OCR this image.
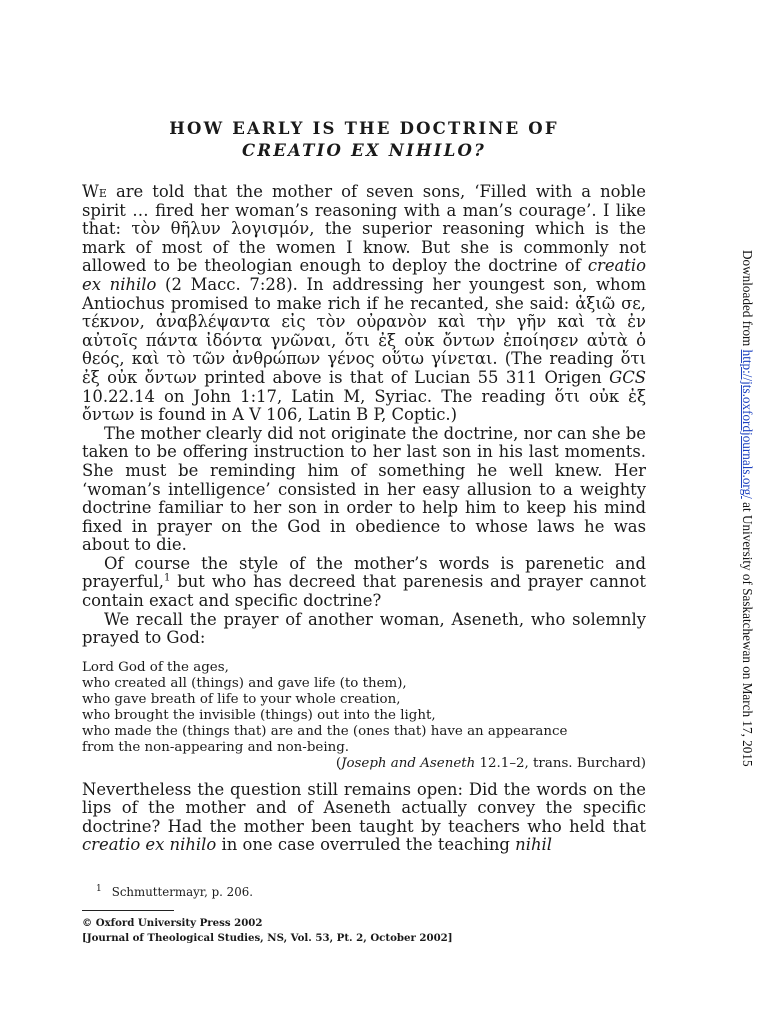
HOW EARLY IS THE DOCTRINE OF
CREATIO EX NIHILO?

We are told that the mother of seven sons, ‘Filled with a noble spirit … fired her woman’s reasoning with a man’s courage’. I like that: τὸν θῆλυν λογισμόν, the superior reasoning which is the mark of most of the women I know. But she is commonly not allowed to be theologian enough to deploy the doctrine of creatio ex nihilo (2 Macc. 7:28). In addressing her youngest son, whom Antiochus promised to make rich if he recanted, she said: ἀξιῶ σε, τέκνον, ἀναβλέψαντα εἰς τὸν οὐρανὸν καὶ τὴν γῆν καὶ τὰ ἐν αὐτοῖς πάντα ἰδόντα γνῶναι, ὅτι ἐξ οὐκ ὄντων ἐποίησεν αὐτὰ ὁ θεός, καὶ τὸ τῶν ἀνθρώπων γένος οὕτω γίνεται. (The reading ὅτι ἐξ οὐκ ὄντων printed above is that of Lucian 55 311 Origen GCS 10.22.14 on John 1:17, Latin M, Syriac. The reading ὅτι οὐκ ἐξ ὄντων is found in A V 106, Latin B P, Coptic.)

The mother clearly did not originate the doctrine, nor can she be taken to be offering instruction to her last son in his last moments. She must be reminding him of something he well knew. Her ‘woman’s intelligence’ consisted in her easy allusion to a weighty doctrine familiar to her son in order to help him to keep his mind fixed in prayer on the God in obedience to whose laws he was about to die.

Of course the style of the mother’s words is parenetic and prayerful,$^1$ but who has decreed that parenesis and prayer cannot contain exact and specific doctrine?

We recall the prayer of another woman, Aseneth, who solemnly prayed to God:

Lord God of the ages,
who created all (things) and gave life (to them),
who gave breath of life to your whole creation,
who brought the invisible (things) out into the light,
who made the (things that) are and the (ones that) have an appearance
from the non-appearing and non-being.
(Joseph and Aseneth 12.1–2, trans. Burchard)

Nevertheless the question still remains open: Did the words on the lips of the mother and of Aseneth actually convey the specific doctrine? Had the mother been taught by teachers who held that creatio ex nihilo in one case overruled the teaching nihil

$^1$ Schmuttermayr, p. 206.
© Oxford University Press 2002
[Journal of Theological Studies, NS, Vol. 53, Pt. 2, October 2002]
Downloaded from http://jts.oxfordjournals.org/ at University of Saskatchewan on March 17, 2015
